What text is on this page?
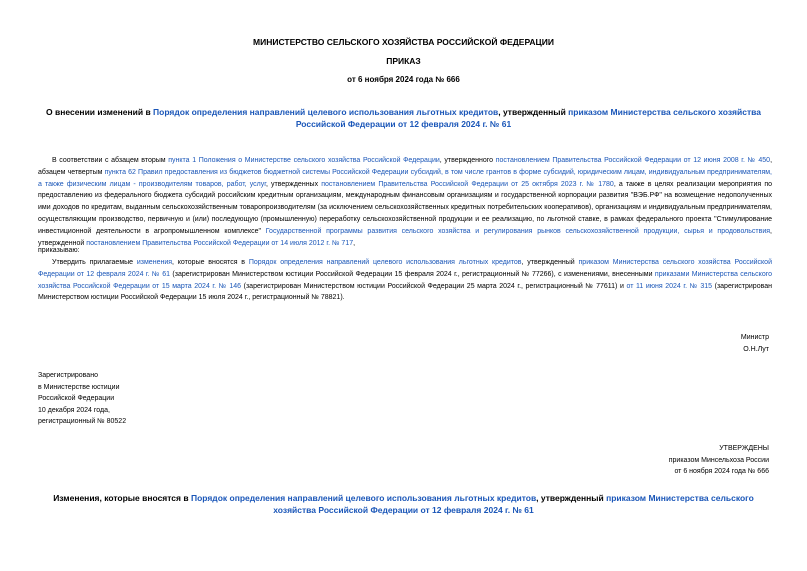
МИНИСТЕРСТВО СЕЛЬСКОГО ХОЗЯЙСТВА РОССИЙСКОЙ ФЕДЕРАЦИИ
ПРИКАЗ
от 6 ноября 2024 года № 666
О внесении изменений в Порядок определения направлений целевого использования льготных кредитов, утвержденный приказом Министерства сельского хозяйства Российской Федерации от 12 февраля 2024 г. № 61
В соответствии с абзацем вторым пункта 1 Положения о Министерстве сельского хозяйства Российской Федерации, утвержденного постановлением Правительства Российской Федерации от 12 июня 2008 г. № 450, абзацем четвертым пункта 62 Правил предоставления из бюджетов бюджетной системы Российской Федерации субсидий, в том числе грантов в форме субсидий, юридическим лицам, индивидуальным предпринимателям, а также физическим лицам - производителям товаров, работ, услуг, утвержденных постановлением Правительства Российской Федерации от 25 октября 2023 г. № 1780, а также в целях реализации мероприятия по предоставлению из федерального бюджета субсидий российским кредитным организациям, международным финансовым организациям и государственной корпорации развития "ВЭБ.РФ" на возмещение недополученных ими доходов по кредитам, выданным сельскохозяйственным товаропроизводителям (за исключением сельскохозяйственных кредитных потребительских кооперативов), организациям и индивидуальным предпринимателям, осуществляющим производство, первичную и (или) последующую (промышленную) переработку сельскохозяйственной продукции и ее реализацию, по льготной ставке, в рамках федерального проекта "Стимулирование инвестиционной деятельности в агропромышленном комплексе" Государственной программы развития сельского хозяйства и регулирования рынков сельскохозяйственной продукции, сырья и продовольствия, утвержденной постановлением Правительства Российской Федерации от 14 июля 2012 г. № 717,
приказываю:
Утвердить прилагаемые изменения, которые вносятся в Порядок определения направлений целевого использования льготных кредитов, утвержденный приказом Министерства сельского хозяйства Российской Федерации от 12 февраля 2024 г. № 61 (зарегистрирован Министерством юстиции Российской Федерации 15 февраля 2024 г., регистрационный № 77266), с изменениями, внесенными приказами Министерства сельского хозяйства Российской Федерации от 15 марта 2024 г. № 146 (зарегистрирован Министерством юстиции Российской Федерации 25 марта 2024 г., регистрационный № 77611) и от 11 июня 2024 г. № 315 (зарегистрирован Министерством юстиции Российской Федерации 15 июля 2024 г., регистрационный № 78821).
Министр
О.Н.Лут
Зарегистрировано
в Министерстве юстиции
Российской Федерации
10 декабря 2024 года,
регистрационный № 80522
УТВЕРЖДЕНЫ
приказом Минсельхоза России
от 6 ноября 2024 года № 666
Изменения, которые вносятся в Порядок определения направлений целевого использования льготных кредитов, утвержденный приказом Министерства сельского хозяйства Российской Федерации от 12 февраля 2024 г. № 61
